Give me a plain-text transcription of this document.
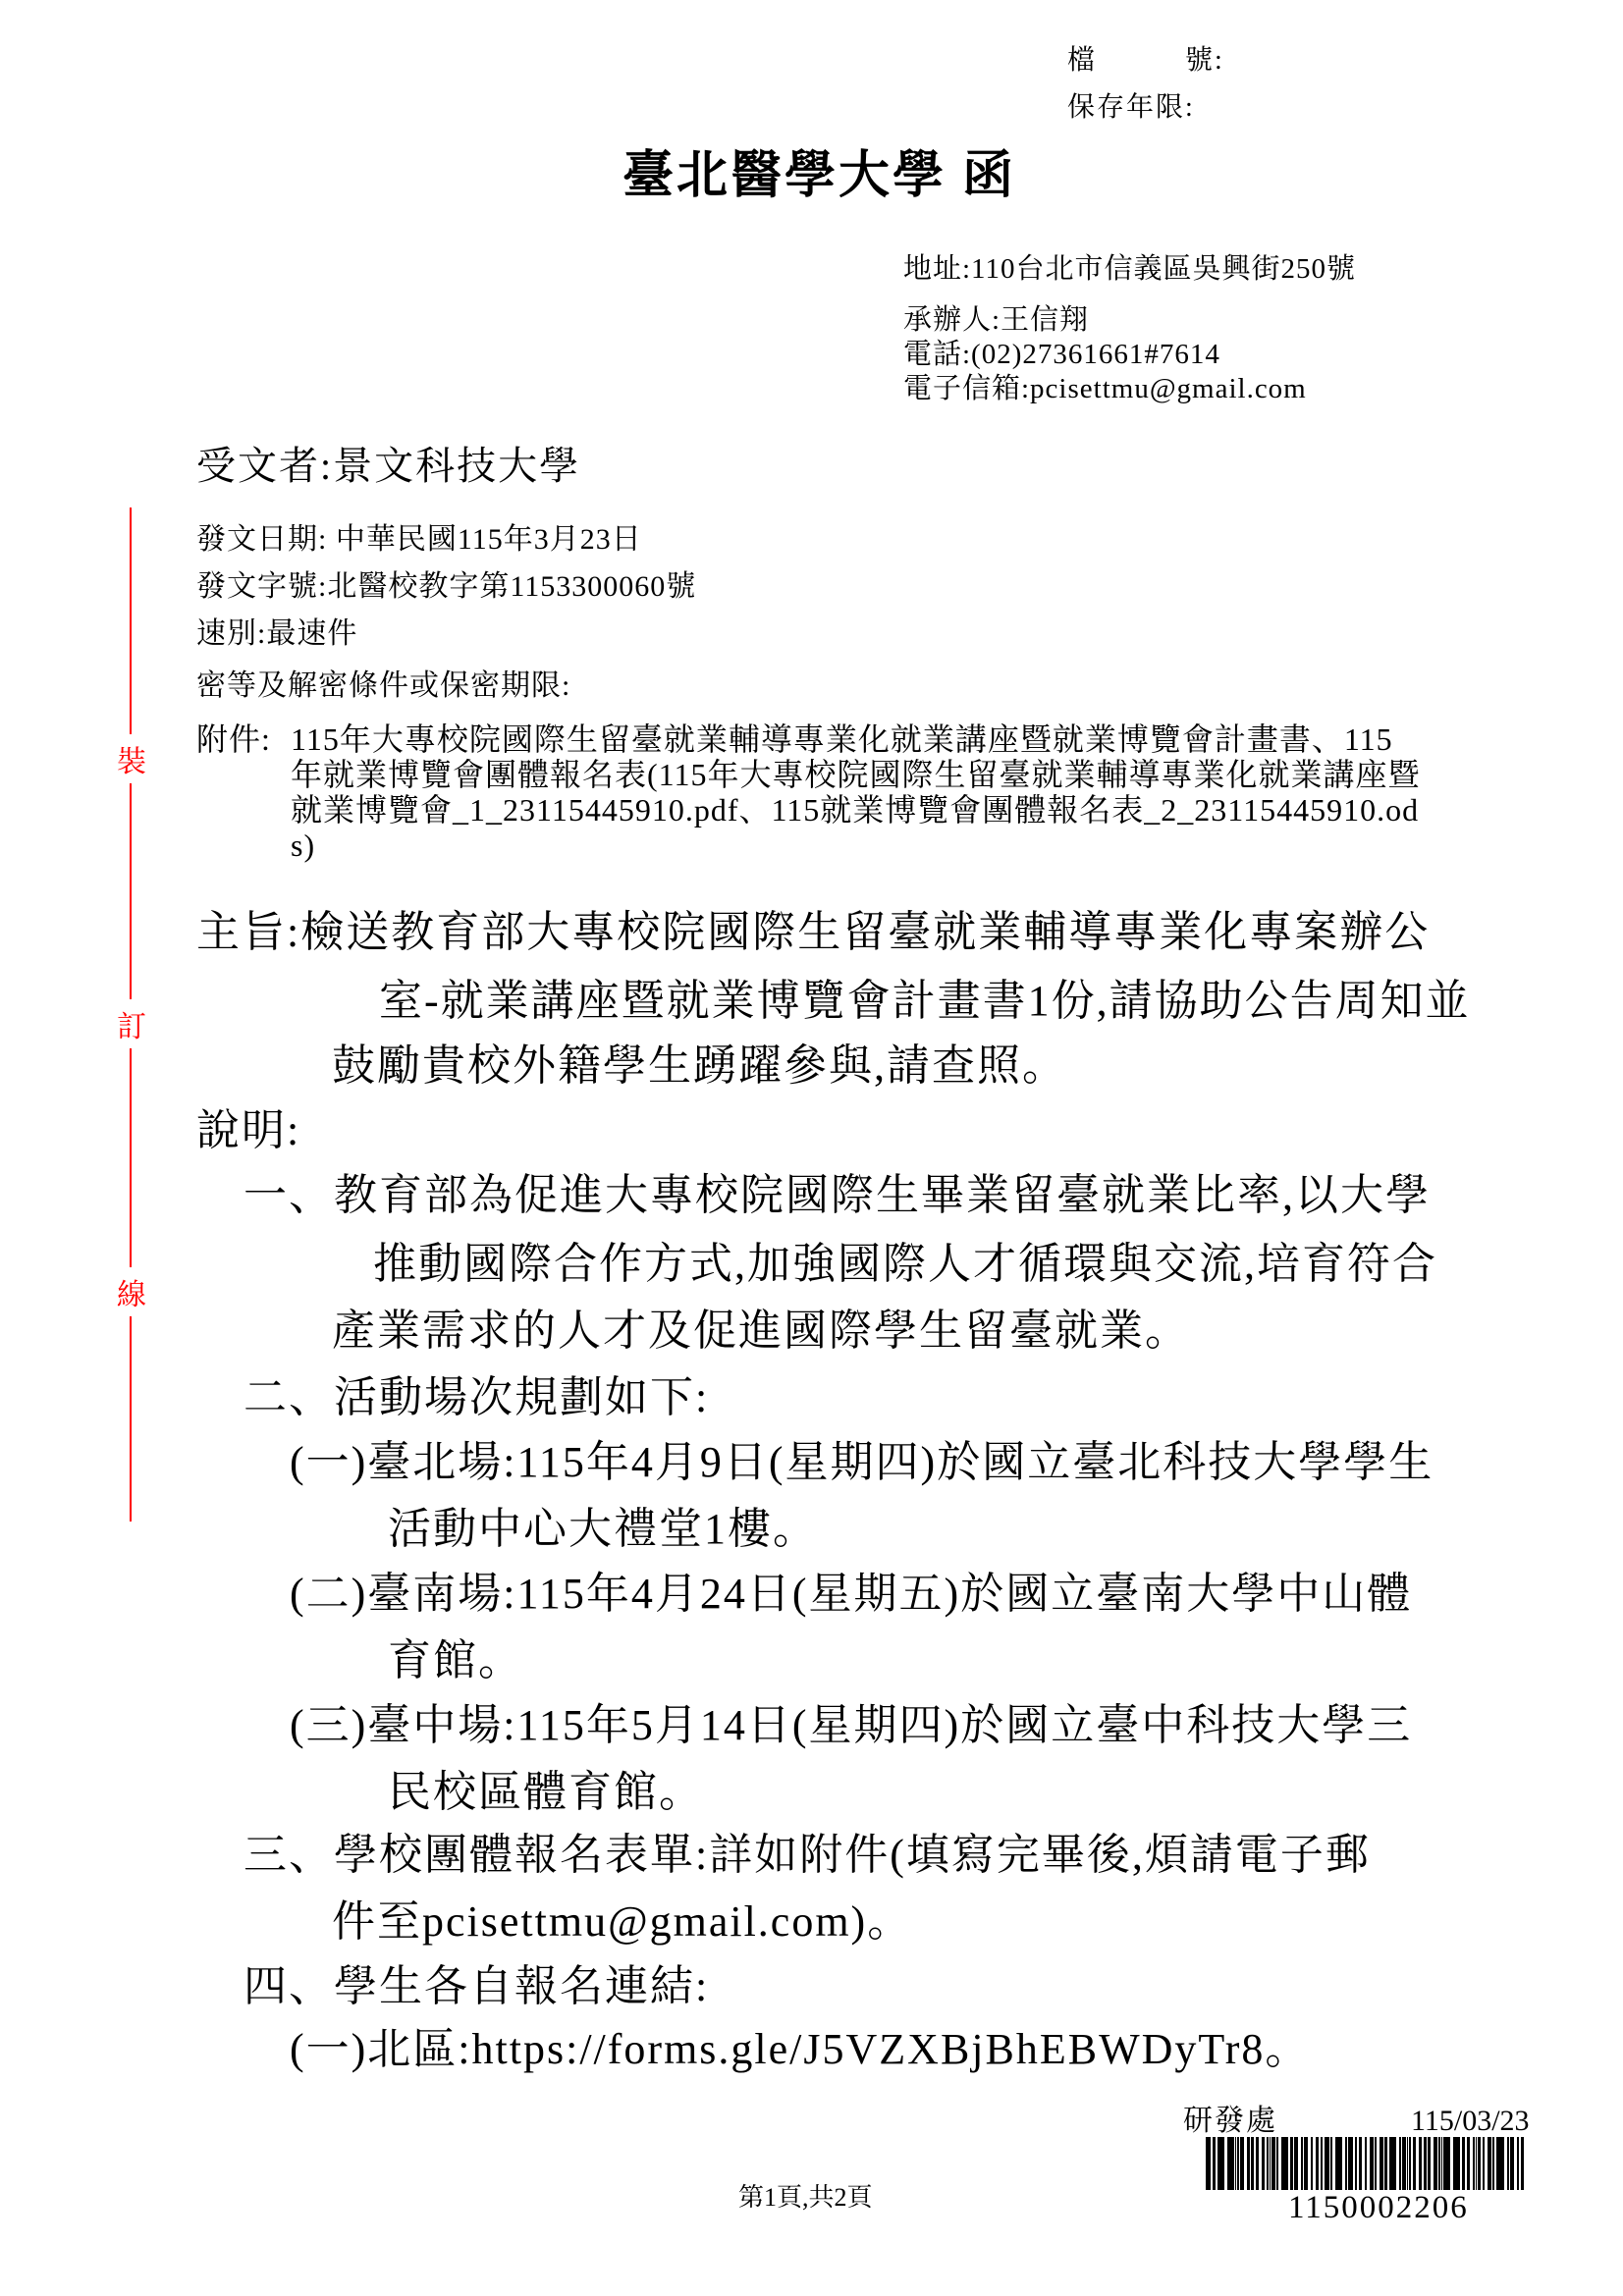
裝
訂
線
檔　　　號:
保存年限:
臺北醫學大學 函
地址:110台北市信義區吳興街250號
承辦人:王信翔
電話:(02)27361661#7614
電子信箱:pcisettmu@gmail.com
受文者:景文科技大學
發文日期: 中華民國115年3月23日
發文字號:北醫校教字第1153300060號
速別:最速件
密等及解密條件或保密期限:
附件: 115年大專校院國際生留臺就業輔導專業化就業講座暨就業博覽會計畫書、115
年就業博覽會團體報名表(115年大專校院國際生留臺就業輔導專業化就業講座暨
就業博覽會_1_23115445910.pdf、115就業博覽會團體報名表_2_23115445910.od
s)
主旨:檢送教育部大專校院國際生留臺就業輔導專業化專案辦公
室-就業講座暨就業博覽會計畫書1份,請協助公告周知並
鼓勵貴校外籍學生踴躍參與,請查照。
說明:
一、教育部為促進大專校院國際生畢業留臺就業比率,以大學
推動國際合作方式,加強國際人才循環與交流,培育符合
產業需求的人才及促進國際學生留臺就業。
二、活動場次規劃如下:
(一)臺北場:115年4月9日(星期四)於國立臺北科技大學學生
活動中心大禮堂1樓。
(二)臺南場:115年4月24日(星期五)於國立臺南大學中山體
育館。
(三)臺中場:115年5月14日(星期四)於國立臺中科技大學三
民校區體育館。
三、學校團體報名表單:詳如附件(填寫完畢後,煩請電子郵
件至pcisettmu@gmail.com)。
四、學生各自報名連結:
(一)北區:https://forms.gle/J5VZXBjBhEBWDyTr8。
第1頁,共2頁
研發處	115/03/23
1150002206
